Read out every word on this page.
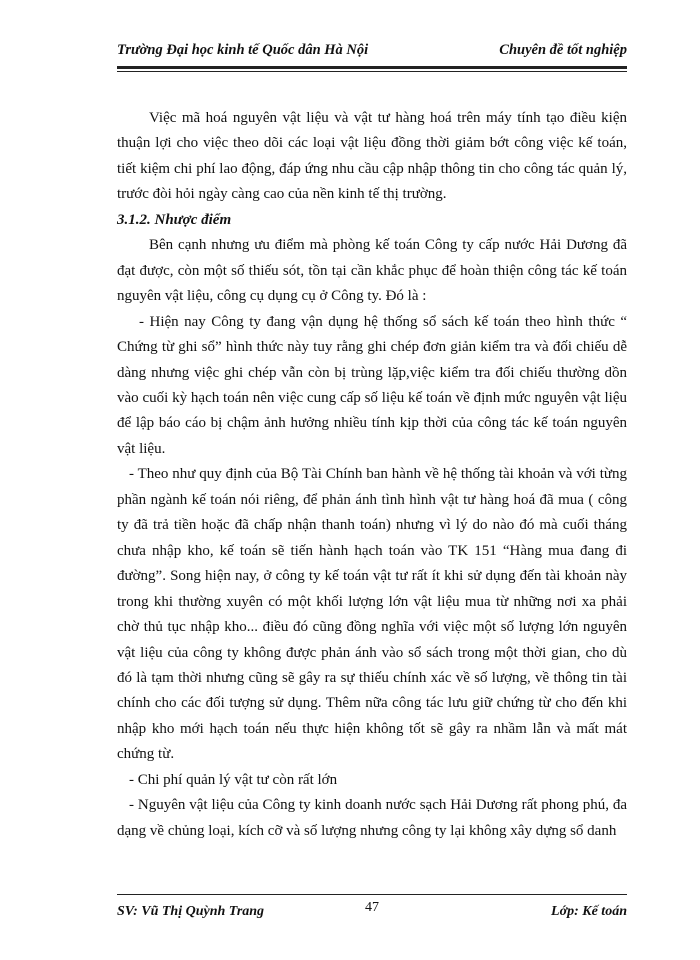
Trường Đại học kinh tế Quốc dân Hà Nội	Chuyên đề tốt nghiệp

Việc mã hoá nguyên vật liệu và vật tư hàng hoá trên máy tính tạo điều kiện thuận lợi cho việc theo dõi các loại vật liệu đồng thời giảm bớt công việc kế toán, tiết kiệm chi phí lao động, đáp ứng nhu cầu cập nhập thông tin cho công tác quản lý, trước đòi hỏi ngày càng cao của nền kinh tế thị trường.

3.1.2. Nhược điểm

Bên cạnh nhưng ưu điểm mà phòng kế toán Công ty cấp nước Hải Dương đã đạt được, còn một số thiếu sót, tồn tại cần khắc phục để hoàn thiện công tác kế toán nguyên vật liệu, công cụ dụng cụ ở Công ty. Đó là :

- Hiện nay Công ty đang vận dụng hệ thống sổ sách kế toán theo hình thức “ Chứng từ ghi sổ” hình thức này tuy rằng ghi chép đơn giản kiểm tra và đối chiếu dễ dàng nhưng việc ghi chép vẫn còn bị trùng lặp,việc kiểm tra đối chiếu thường dồn vào cuối kỳ hạch toán nên việc cung cấp số liệu kế toán về định mức nguyên vật liệu để lập báo cáo bị chậm ảnh hưởng nhiều tính kịp thời của công tác kế toán nguyên vật liệu.

- Theo như quy định của Bộ Tài Chính ban hành về hệ thống tài khoản và với từng phần ngành kế toán nói riêng, để phản ánh tình hình vật tư hàng hoá đã mua ( công ty đã trả tiền hoặc đã chấp nhận thanh toán) nhưng vì lý do nào đó mà cuối tháng chưa nhập kho, kế toán sẽ tiến hành hạch toán vào TK 151 “Hàng mua đang đi đường”. Song hiện nay, ở công ty kế toán vật tư rất ít khi sử dụng đến tài khoản này trong khi thường xuyên có một khối lượng lớn vật liệu mua từ những nơi xa phải chờ thủ tục nhập kho... điều đó cũng đồng nghĩa với việc một số lượng lớn nguyên vật liệu của công ty không được phản ánh vào sổ sách trong một thời gian, cho dù đó là tạm thời nhưng cũng sẽ gây ra sự thiếu chính xác về số lượng, về thông tin tài chính cho các đối tượng sử dụng. Thêm nữa công tác lưu giữ chứng từ cho đến khi nhập kho mới hạch toán nếu thực hiện không tốt sẽ gây ra nhầm lẫn và mất mát chứng từ.

- Chi phí quản lý vật tư còn rất lớn

- Nguyên vật liệu của Công ty kinh doanh nước sạch Hải Dương rất phong phú, đa dạng về chủng loại, kích cỡ và số lượng nhưng công ty lại không xây dựng sổ danh

SV: Vũ Thị Quỳnh Trang	47	Lớp: Kế toán
